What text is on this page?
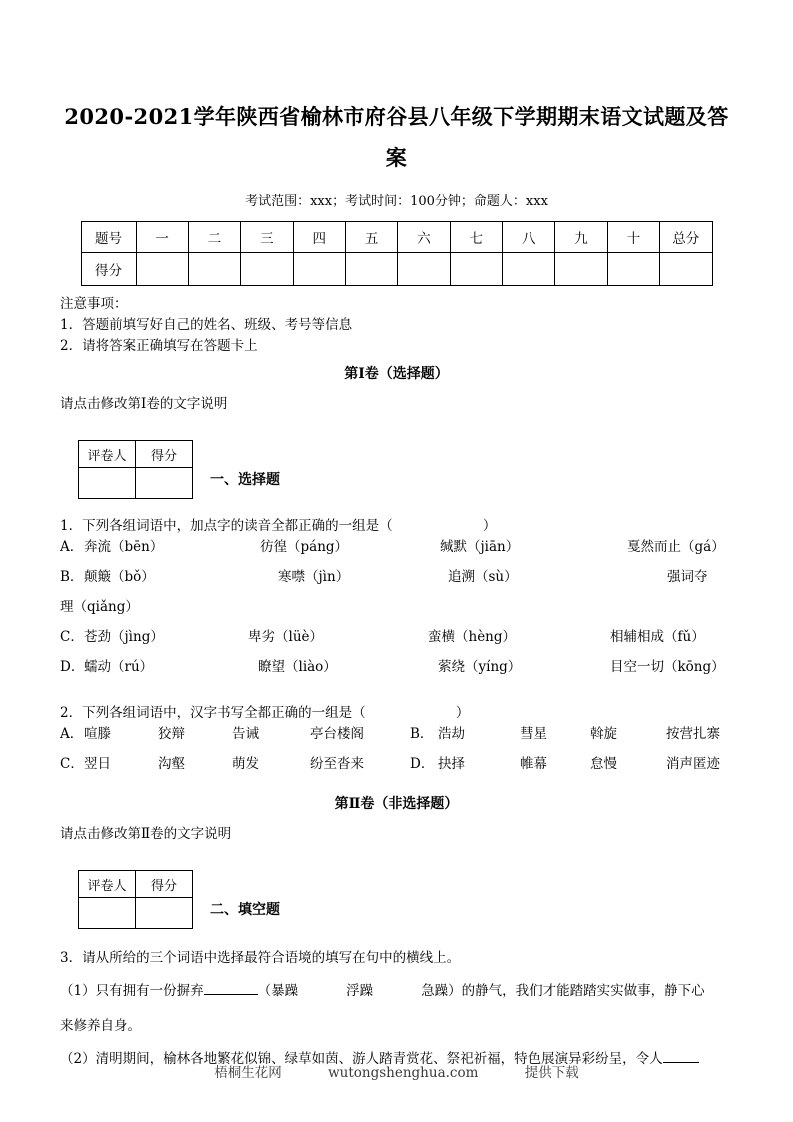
2020-2021学年陕西省榆林市府谷县八年级下学期期末语文试题及答案
考试范围：xxx；考试时间：100分钟；命题人：xxx
题号	一	二	三	四	五	六	七	八	九	十	总分
得分											
注意事项：
1．答题前填写好自己的姓名、班级、考号等信息
2．请将答案正确填写在答题卡上
第Ⅰ卷（选择题）
请点击修改第Ⅰ卷的文字说明
评卷人	得分

一、选择题
1．下列各组词语中，加点字的读音全都正确的一组是（	）
A． 奔流（bēn）	彷徨（páng）	缄默（jiān）	戛然而止（gá）
B． 颠簸（bǒ）	寒噤（jìn）	追溯（sù）	强词夺
理（qiǎng）
C． 苍劲（jìng）	卑劣（lüè）	蛮横（hèng）	相辅相成（fǔ）
D． 蠕动（rú）	瞭望（liào）	萦绕（yíng）	目空一切（kōng）
2．下列各组词语中，汉字书写全都正确的一组是（	）
A． 喧滕	狡辩	告诫	亭台楼阁	B． 浩劫	彗星	斡旋	按营扎寨
C． 翌日	沟壑	萌发	纷至沓来	D． 抉择	帷幕	怠慢	消声匿迹
第Ⅱ卷（非选择题）
请点击修改第Ⅱ卷的文字说明
评卷人	得分

二、填空题
3．请从所给的三个词语中选择最符合语境的填写在句中的横线上。
（1）只有拥有一份摒弃	（暴躁	浮躁	急躁）的静气，我们才能踏踏实实做事，静下心
来修养自身。
（2）清明期间，榆林各地繁花似锦、绿草如茵、游人踏青赏花、祭祀祈福，特色展演异彩纷呈，令人
梧桐生花网	wutongshenghua.com	提供下载
